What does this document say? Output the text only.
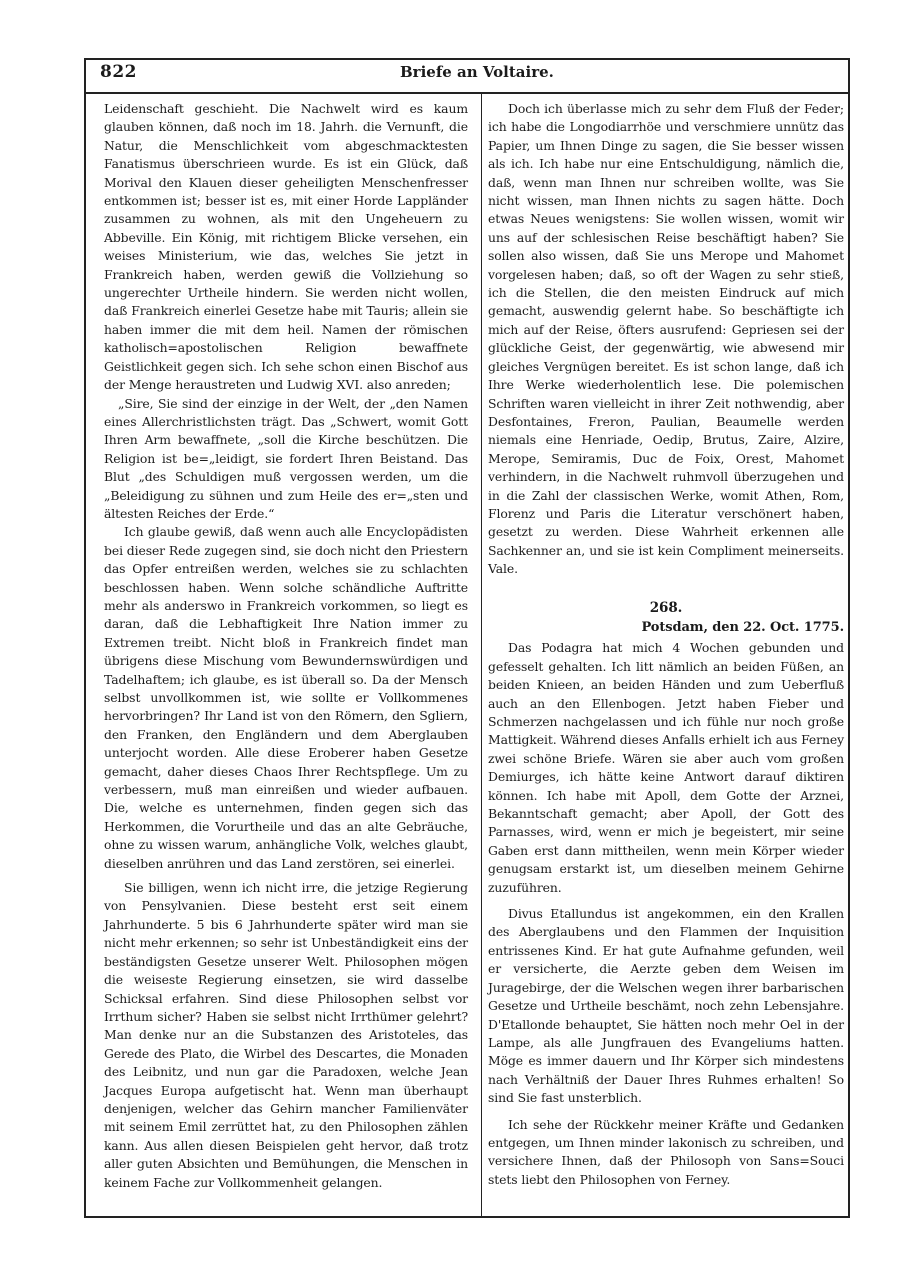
822	Briefe an Voltaire.

Leidenschaft geschieht. Die Nachwelt wird es kaum glauben können, daß noch im 18. Jahrh. die Vernunft, die Natur, die Menschlichkeit vom abgeschmacktesten Fanatismus überschrieen wurde. Es ist ein Glück, daß Morival den Klauen dieser geheiligten Menschenfresser entkommen ist; besser ist es, mit einer Horde Lappländer zusammen zu wohnen, als mit den Ungeheuern zu Abbeville. Ein König, mit richtigem Blicke versehen, ein weises Ministerium, wie das, welches Sie jetzt in Frankreich haben, werden gewiß die Vollziehung so ungerechter Urtheile hindern. Sie werden nicht wollen, daß Frankreich einerlei Gesetze habe mit Tauris; allein sie haben immer die mit dem heil. Namen der römischen katholisch=apostolischen Religion bewaffnete Geistlichkeit gegen sich. Ich sehe schon einen Bischof aus der Menge heraustreten und Ludwig XVI. also anreden;

„Sire, Sie sind der einzige in der Welt, der „den Namen eines Allerchristlichsten trägt. Das „Schwert, womit Gott Ihren Arm bewaffnete, „soll die Kirche beschützen. Die Religion ist be=„leidigt, sie fordert Ihren Beistand. Das Blut „des Schuldigen muß vergossen werden, um die „Beleidigung zu sühnen und zum Heile des er=„sten und ältesten Reiches der Erde.“

Ich glaube gewiß, daß wenn auch alle Encyclopädisten bei dieser Rede zugegen sind, sie doch nicht den Priestern das Opfer entreißen werden, welches sie zu schlachten beschlossen haben. Wenn solche schändliche Auftritte mehr als anderswo in Frankreich vorkommen, so liegt es daran, daß die Lebhaftigkeit Ihre Nation immer zu Extremen treibt. Nicht bloß in Frankreich findet man übrigens diese Mischung vom Bewundernswürdigen und Tadelhaftem; ich glaube, es ist überall so. Da der Mensch selbst unvollkommen ist, wie sollte er Vollkommenes hervorbringen? Ihr Land ist von den Römern, den Sgliern, den Franken, den Engländern und dem Aberglauben unterjocht worden. Alle diese Eroberer haben Gesetze gemacht, daher dieses Chaos Ihrer Rechtspflege. Um zu verbessern, muß man einreißen und wieder aufbauen. Die, welche es unternehmen, finden gegen sich das Herkommen, die Vorurtheile und das an alte Gebräuche, ohne zu wissen warum, anhängliche Volk, welches glaubt, dieselben anrühren und das Land zerstören, sei einerlei.

Sie billigen, wenn ich nicht irre, die jetzige Regierung von Pensylvanien. Diese besteht erst seit einem Jahrhunderte. 5 bis 6 Jahrhunderte später wird man sie nicht mehr erkennen; so sehr ist Unbeständigkeit eins der beständigsten Gesetze unserer Welt. Philosophen mögen die weiseste Regierung einsetzen, sie wird dasselbe Schicksal erfahren. Sind diese Philosophen selbst vor Irrthum sicher? Haben sie selbst nicht Irrthümer gelehrt? Man denke nur an die Substanzen des Aristoteles, das Gerede des Plato, die Wirbel des Descartes, die Monaden des Leibnitz, und nun gar die Paradoxen, welche Jean Jacques Europa aufgetischt hat. Wenn man überhaupt denjenigen, welcher das Gehirn mancher Familienväter mit seinem Emil zerrüttet hat, zu den Philosophen zählen kann. Aus allen diesen Beispielen geht hervor, daß trotz aller guten Absichten und Bemühungen, die Menschen in keinem Fache zur Vollkommenheit gelangen.

Doch ich überlasse mich zu sehr dem Fluß der Feder; ich habe die Longodiarrhöe und verschmiere unnütz das Papier, um Ihnen Dinge zu sagen, die Sie besser wissen als ich. Ich habe nur eine Entschuldigung, nämlich die, daß, wenn man Ihnen nur schreiben wollte, was Sie nicht wissen, man Ihnen nichts zu sagen hätte. Doch etwas Neues wenigstens: Sie wollen wissen, womit wir uns auf der schlesischen Reise beschäftigt haben? Sie sollen also wissen, daß Sie uns Merope und Mahomet vorgelesen haben; daß, so oft der Wagen zu sehr stieß, ich die Stellen, die den meisten Eindruck auf mich gemacht, auswendig gelernt habe. So beschäftigte ich mich auf der Reise, öfters ausrufend: Gepriesen sei der glückliche Geist, der gegenwärtig, wie abwesend mir gleiches Vergnügen bereitet. Es ist schon lange, daß ich Ihre Werke wiederholentlich lese. Die polemischen Schriften waren vielleicht in ihrer Zeit nothwendig, aber Desfontaines, Freron, Paulian, Beaumelle werden niemals eine Henriade, Oedip, Brutus, Zaire, Alzire, Merope, Semiramis, Duc de Foix, Orest, Mahomet verhindern, in die Nachwelt ruhmvoll überzugehen und in die Zahl der classischen Werke, womit Athen, Rom, Florenz und Paris die Literatur verschönert haben, gesetzt zu werden. Diese Wahrheit erkennen alle Sachkenner an, und sie ist kein Compliment meinerseits. Vale.

268.
Potsdam, den 22. Oct. 1775.

Das Podagra hat mich 4 Wochen gebunden und gefesselt gehalten. Ich litt nämlich an beiden Füßen, an beiden Knieen, an beiden Händen und zum Ueberfluß auch an den Ellenbogen. Jetzt haben Fieber und Schmerzen nachgelassen und ich fühle nur noch große Mattigkeit. Während dieses Anfalls erhielt ich aus Ferney zwei schöne Briefe. Wären sie aber auch vom großen Demiurges, ich hätte keine Antwort darauf diktiren können. Ich habe mit Apoll, dem Gotte der Arznei, Bekanntschaft gemacht; aber Apoll, der Gott des Parnasses, wird, wenn er mich je begeistert, mir seine Gaben erst dann mittheilen, wenn mein Körper wieder genugsam erstarkt ist, um dieselben meinem Gehirne zuzuführen.

Divus Etallundus ist angekommen, ein den Krallen des Aberglaubens und den Flammen der Inquisition entrissenes Kind. Er hat gute Aufnahme gefunden, weil er versicherte, die Aerzte geben dem Weisen im Juragebirge, der die Welschen wegen ihrer barbarischen Gesetze und Urtheile beschämt, noch zehn Lebensjahre. D'Etallonde behauptet, Sie hätten noch mehr Oel in der Lampe, als alle Jungfrauen des Evangeliums hatten. Möge es immer dauern und Ihr Körper sich mindestens nach Verhältniß der Dauer Ihres Ruhmes erhalten! So sind Sie fast unsterblich.

Ich sehe der Rückkehr meiner Kräfte und Gedanken entgegen, um Ihnen minder lakonisch zu schreiben, und versichere Ihnen, daß der Philosoph von Sans=Souci stets liebt den Philosophen von Ferney.
